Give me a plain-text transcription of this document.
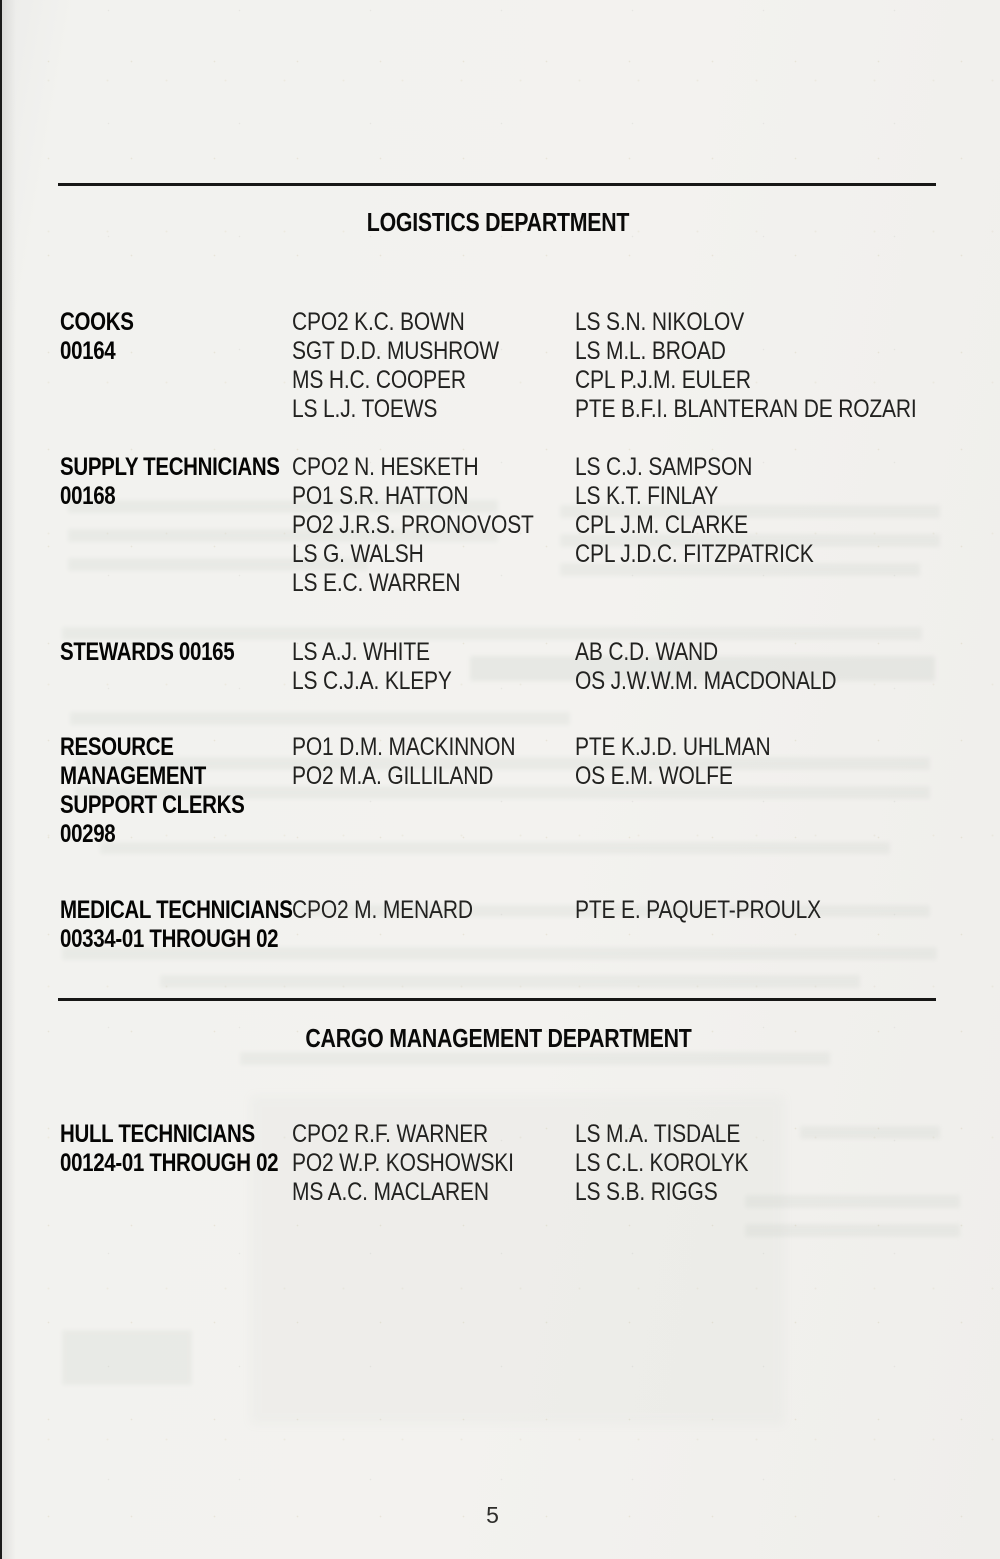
LOGISTICS DEPARTMENT
COOKS
00164
CPO2 K.C. BOWN
SGT D.D. MUSHROW
MS H.C. COOPER
LS L.J. TOEWS
LS S.N. NIKOLOV
LS M.L. BROAD
CPL P.J.M. EULER
PTE B.F.I. BLANTERAN DE ROZARI
SUPPLY TECHNICIANS
00168
CPO2 N. HESKETH
PO1 S.R. HATTON
PO2 J.R.S. PRONOVOST
LS G. WALSH
LS E.C. WARREN
LS C.J. SAMPSON
LS K.T. FINLAY
CPL J.M. CLARKE
CPL J.D.C. FITZPATRICK
STEWARDS 00165	LS A.J. WHITE
LS C.J.A. KLEPY
AB C.D. WAND
OS J.W.W.M. MACDONALD
RESOURCE
MANAGEMENT
SUPPORT CLERKS
00298
PO1 D.M. MACKINNON
PO2 M.A. GILLILAND
PTE K.J.D. UHLMAN
OS E.M. WOLFE
MEDICAL TECHNICIANS
00334-01 THROUGH 02
CPO2 M. MENARD	PTE E. PAQUET-PROULX
CARGO MANAGEMENT DEPARTMENT
HULL TECHNICIANS
00124-01 THROUGH 02
CPO2 R.F. WARNER
PO2 W.P. KOSHOWSKI
MS A.C. MACLAREN
LS M.A. TISDALE
LS C.L. KOROLYK
LS S.B. RIGGS
5
